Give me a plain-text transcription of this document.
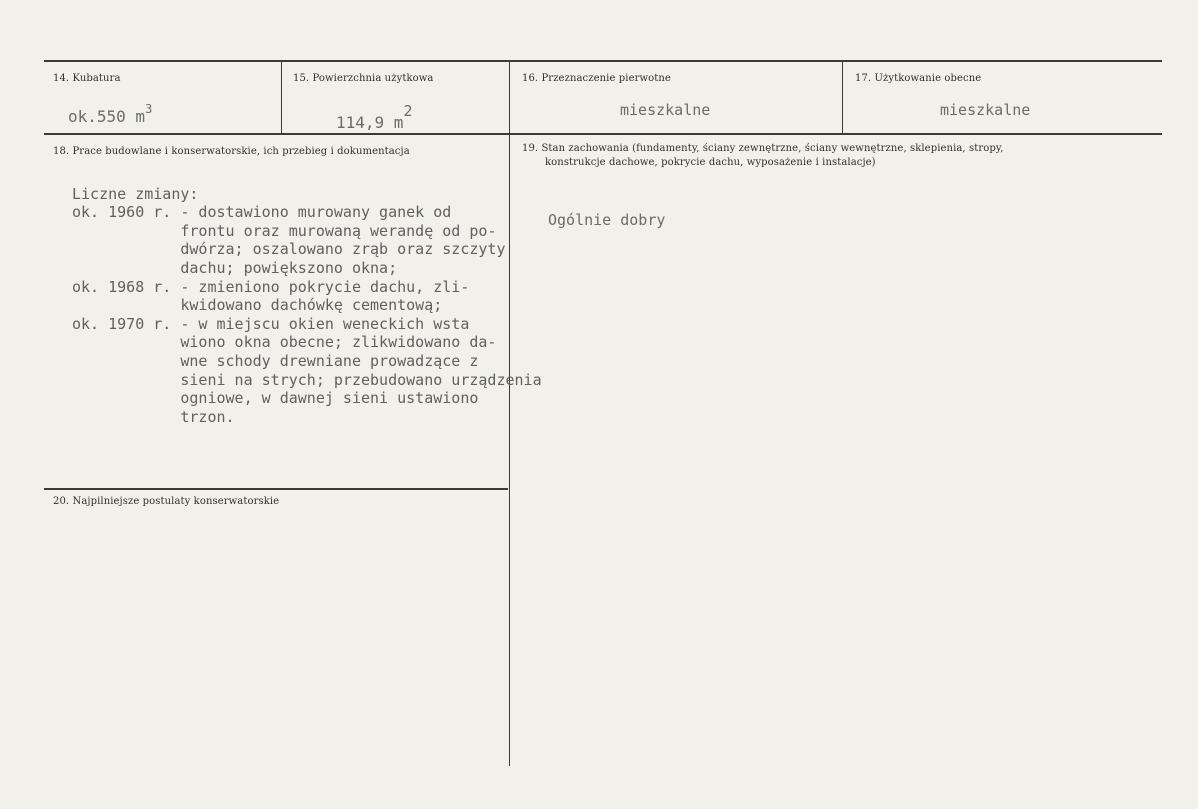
14. Kubatura
ok.550 $m^3$
15. Powierzchnia użytkowa
114,9 $m^2$
16. Przeznaczenie pierwotne
mieszkalne
17. Użytkowanie obecne
mieszkalne
18. Prace budowlane i konserwatorskie, ich przebieg i dokumentacja

Liczne zmiany:
ok. 1960 r. - dostawiono murowany ganek od
frontu oraz murowaną werandę od po-
dwórza; oszalowano zrąb oraz szczyty
dachu; powiększono okna;
ok. 1968 r. - zmieniono pokrycie dachu, zli-
kwidowano dachówkę cementową;
ok. 1970 r. - w miejscu okien weneckich wsta
wiono okna obecne; zlikwidowano da-
wne schody drewniane prowadzące z
sieni na strych; przebudowano urządzenia
ogniowe, w dawnej sieni ustawiono
trzon.
19. Stan zachowania (fundamenty, ściany zewnętrzne, ściany wewnętrzne, sklepienia, stropy,
konstrukcje dachowe, pokrycie dachu, wyposażenie i instalacje)
Ogólnie dobry
20. Najpilniejsze postulaty konserwatorskie
